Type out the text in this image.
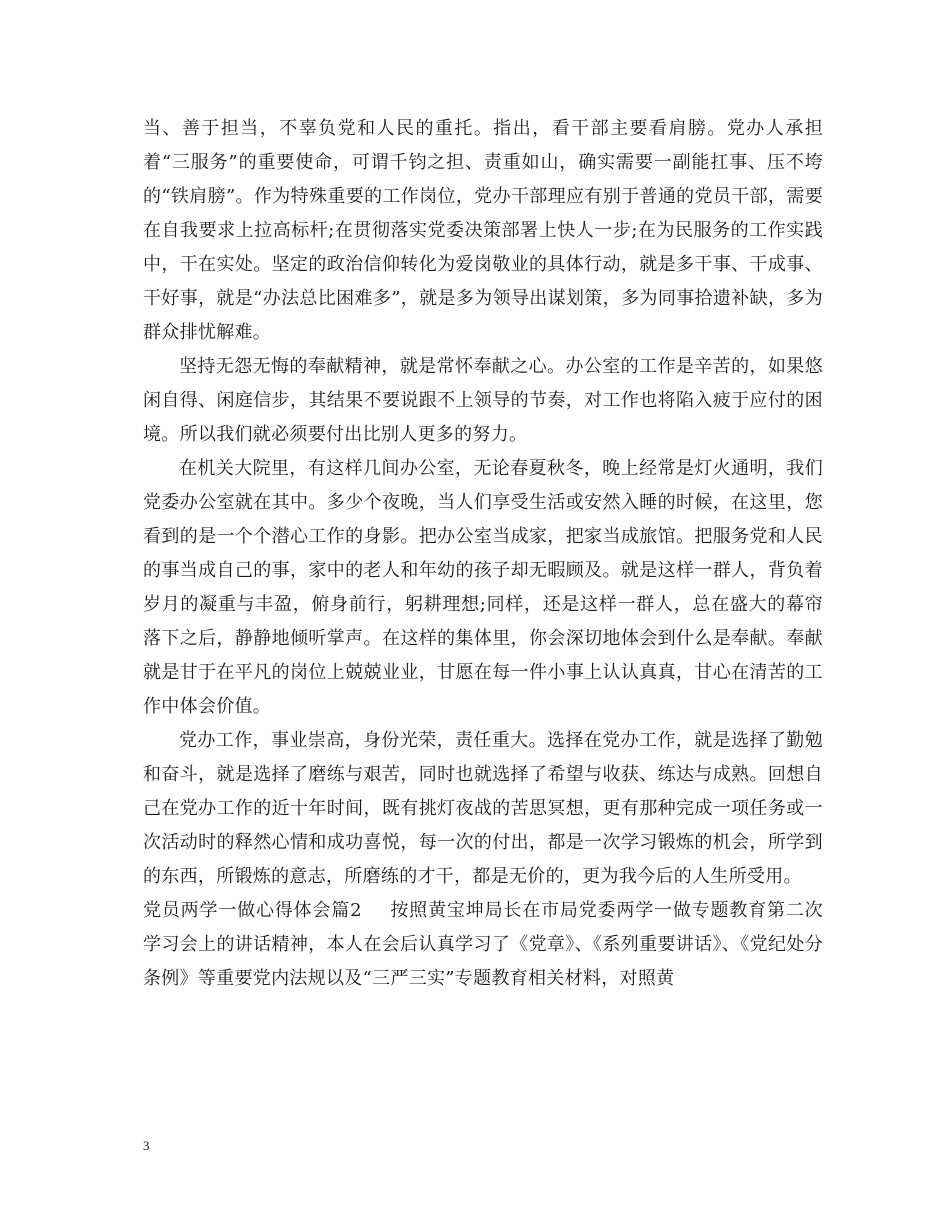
当、善于担当，不辜负党和人民的重托。指出，看干部主要看肩膀。党办人承担着“三服务”的重要使命，可谓千钧之担、责重如山，确实需要一副能扛事、压不垮的“铁肩膀”。作为特殊重要的工作岗位，党办干部理应有别于普通的党员干部，需要在自我要求上拉高标杆;在贯彻落实党委决策部署上快人一步;在为民服务的工作实践中，干在实处。坚定的政治信仰转化为爱岗敬业的具体行动，就是多干事、干成事、干好事，就是“办法总比困难多”，就是多为领导出谋划策，多为同事拾遗补缺，多为群众排忧解难。

坚持无怨无悔的奉献精神，就是常怀奉献之心。办公室的工作是辛苦的，如果悠闲自得、闲庭信步，其结果不要说跟不上领导的节奏，对工作也将陷入疲于应付的困境。所以我们就必须要付出比别人更多的努力。

在机关大院里，有这样几间办公室，无论春夏秋冬，晚上经常是灯火通明，我们党委办公室就在其中。多少个夜晚，当人们享受生活或安然入睡的时候，在这里，您看到的是一个个潜心工作的身影。把办公室当成家，把家当成旅馆。把服务党和人民的事当成自己的事，家中的老人和年幼的孩子却无暇顾及。就是这样一群人，背负着岁月的凝重与丰盈，俯身前行，躬耕理想;同样，还是这样一群人，总在盛大的幕帘落下之后，静静地倾听掌声。在这样的集体里，你会深切地体会到什么是奉献。奉献就是甘于在平凡的岗位上兢兢业业，甘愿在每一件小事上认认真真，甘心在清苦的工作中体会价值。

党办工作，事业崇高，身份光荣，责任重大。选择在党办工作，就是选择了勤勉和奋斗，就是选择了磨练与艰苦，同时也就选择了希望与收获、练达与成熟。回想自己在党办工作的近十年时间，既有挑灯夜战的苦思冥想，更有那种完成一项任务或一次活动时的释然心情和成功喜悦，每一次的付出，都是一次学习锻炼的机会，所学到的东西，所锻炼的意志，所磨练的才干，都是无价的，更为我今后的人生所受用。

党员两学一做心得体会篇2 按照黄宝坤局长在市局党委两学一做专题教育第二次学习会上的讲话精神，本人在会后认真学习了《党章》、《系列重要讲话》、《党纪处分条例》等重要党内法规以及“三严三实”专题教育相关材料，对照黄

3
